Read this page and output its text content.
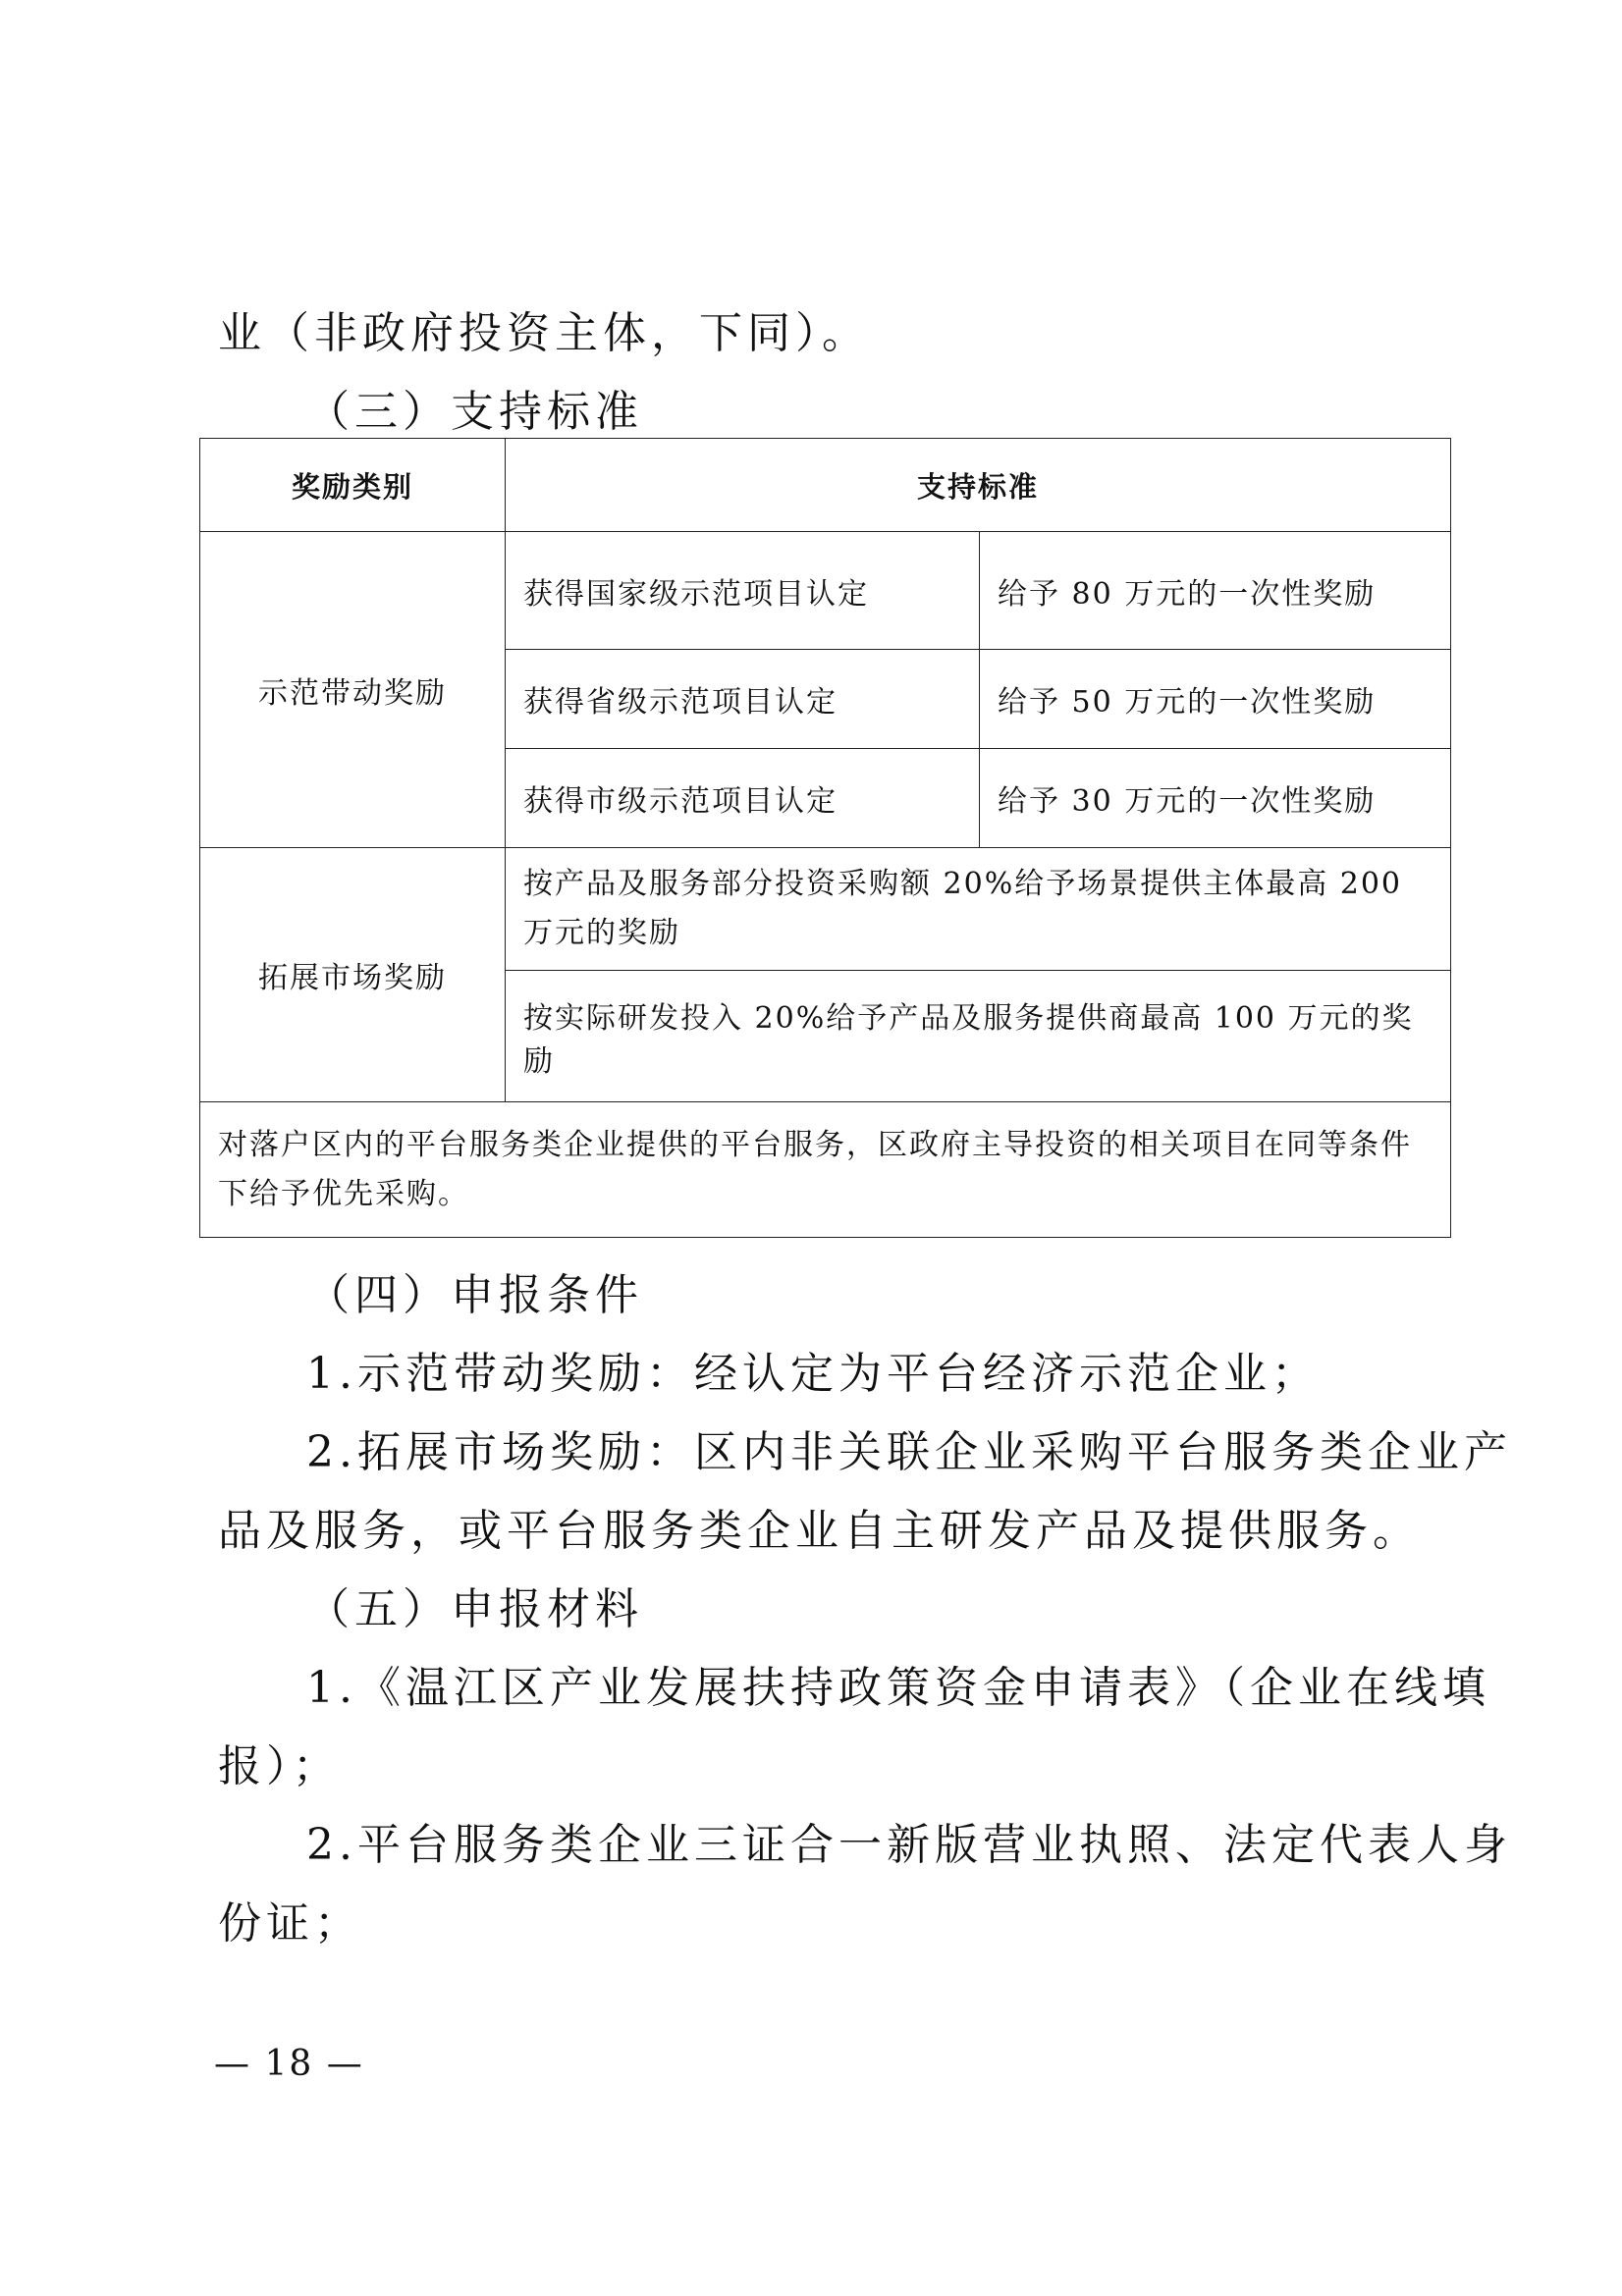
业（非政府投资主体，下同）。

（三）支持标准

奖励类别	支持标准	
示范带动奖励	获得国家级示范项目认定	给予 80 万元的一次性奖励
	获得省级示范项目认定	给予 50 万元的一次性奖励
	获得市级示范项目认定	给予 30 万元的一次性奖励
拓展市场奖励	按产品及服务部分投资采购额 20%给予场景提供主体最高 200 万元的奖励	
	按实际研发投入 20%给予产品及服务提供商最高 100 万元的奖励	
对落户区内的平台服务类企业提供的平台服务，区政府主导投资的相关项目在同等条件下给予优先采购。		

（四）申报条件

1.示范带动奖励：经认定为平台经济示范企业；

2.拓展市场奖励：区内非关联企业采购平台服务类企业产

品及服务，或平台服务类企业自主研发产品及提供服务。

（五）申报材料

1.《温江区产业发展扶持政策资金申请表》（企业在线填

报）；

2.平台服务类企业三证合一新版营业执照、法定代表人身

份证；

— 18 —
